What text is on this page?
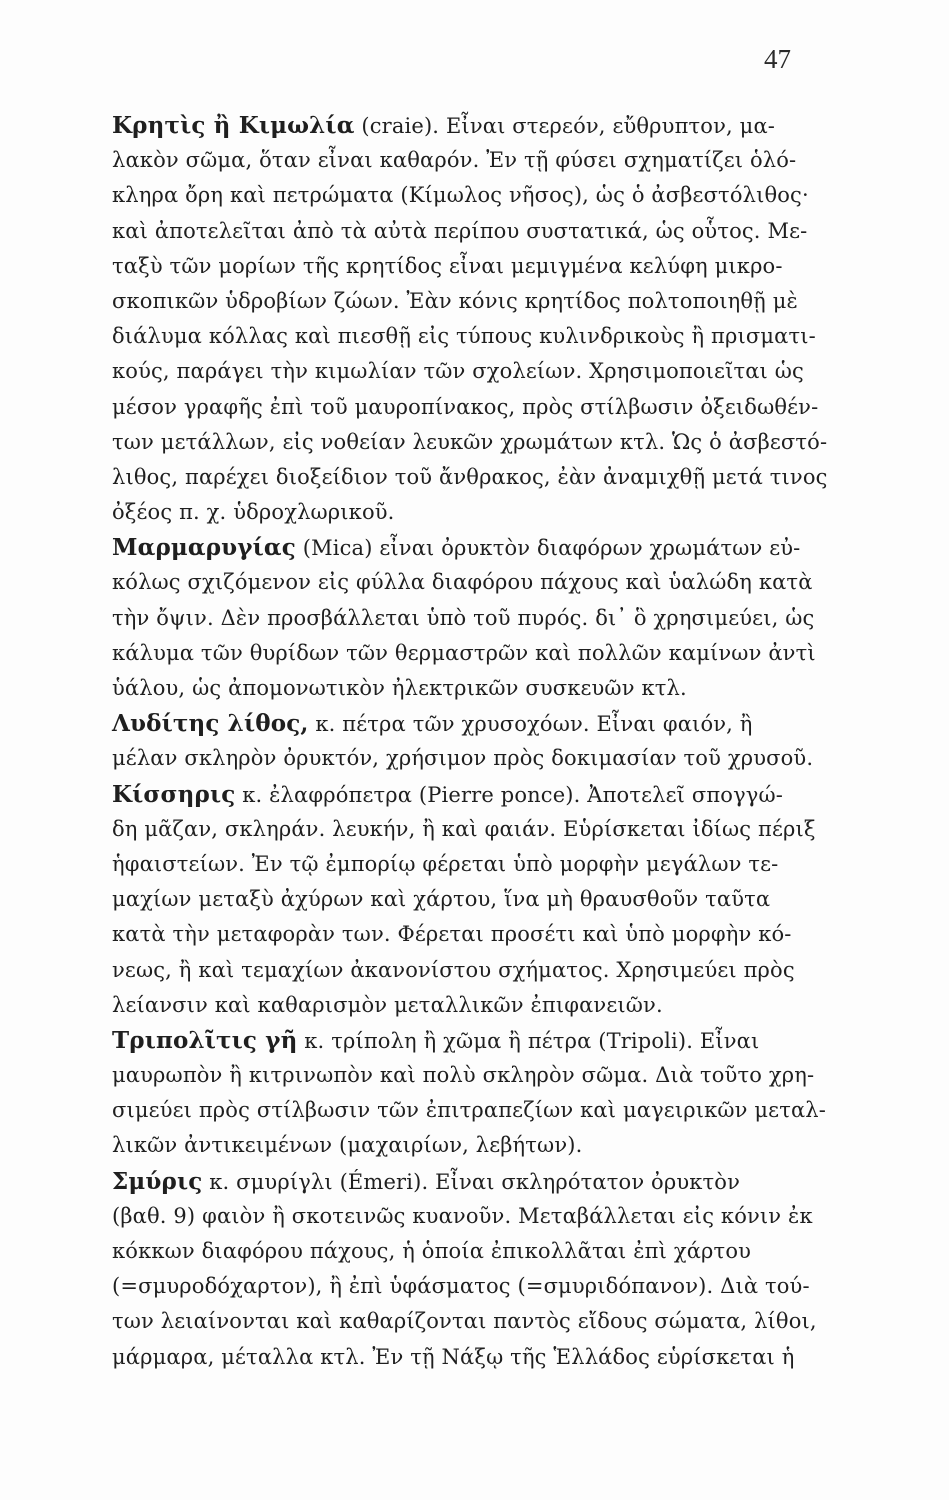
47
Κρητὶς ἢ Κιμωλία (craie). Εἶναι στερεόν, εὔθρυπτον, μα-
λακὸν σῶμα, ὅταν εἶναι καθαρόν. Ἐν τῇ φύσει σχηματίζει ὁλό-
κληρα ὄρη καὶ πετρώματα (Κίμωλος νῆσος), ὡς ὁ ἀσβεστόλιθος·
καὶ ἀποτελεῖται ἀπὸ τὰ αὐτὰ περίπου συστατικά, ὡς οὗτος. Με-
ταξὺ τῶν μορίων τῆς κρητίδος εἶναι μεμιγμένα κελύφη μικρο-
σκοπικῶν ὑδροβίων ζώων. Ἐὰν κόνις κρητίδος πολτοποιηθῇ μὲ
διάλυμα κόλλας καὶ πιεσθῇ εἰς τύπους κυλινδρικοὺς ἢ πρισματι-
κούς, παράγει τὴν κιμωλίαν τῶν σχολείων. Χρησιμοποιεῖται ὡς
μέσον γραφῆς ἐπὶ τοῦ μαυροπίνακος, πρὸς στίλβωσιν ὀξειδωθέν-
των μετάλλων, εἰς νοθείαν λευκῶν χρωμάτων κτλ. Ὡς ὁ ἀσβεστό-
λιθος, παρέχει διοξείδιον τοῦ ἄνθρακος, ἐὰν ἀναμιχθῇ μετά τινος
ὀξέος π. χ. ὑδροχλωρικοῦ.
Μαρμαρυγίας (Mica) εἶναι ὀρυκτὸν διαφόρων χρωμάτων εὐ-
κόλως σχιζόμενον εἰς φύλλα διαφόρου πάχους καὶ ὑαλώδη κατὰ
τὴν ὄψιν. Δὲν προσβάλλεται ὑπὸ τοῦ πυρός. δι᾽ ὃ χρησιμεύει, ὡς
κάλυμα τῶν θυρίδων τῶν θερμαστρῶν καὶ πολλῶν καμίνων ἀντὶ
ὑάλου, ὡς ἀπομονωτικὸν ἠλεκτρικῶν συσκευῶν κτλ.
Λυδίτης λίθος, κ. πέτρα τῶν χρυσοχόων. Εἶναι φαιόν, ἢ
μέλαν σκληρὸν ὀρυκτόν, χρήσιμον πρὸς δοκιμασίαν τοῦ χρυσοῦ.
Κίσσηρις κ. ἐλαφρόπετρα (Pierre ponce). Ἀποτελεῖ σπογγώ-
δη μᾶζαν, σκληράν. λευκήν, ἢ καὶ φαιάν. Εὑρίσκεται ἰδίως πέριξ
ἡφαιστείων. Ἐν τῷ ἐμπορίῳ φέρεται ὑπὸ μορφὴν μεγάλων τε-
μαχίων μεταξὺ ἀχύρων καὶ χάρτου, ἵνα μὴ θραυσθοῦν ταῦτα
κατὰ τὴν μεταφορὰν των. Φέρεται προσέτι καὶ ὑπὸ μορφὴν κό-
νεως, ἢ καὶ τεμαχίων ἀκανονίστου σχήματος. Χρησιμεύει πρὸς
λείανσιν καὶ καθαρισμὸν μεταλλικῶν ἐπιφανειῶν.
Τριπολῖτις γῆ κ. τρίπολη ἢ χῶμα ἢ πέτρα (Tripoli). Εἶναι
μαυρωπὸν ἢ κιτρινωπὸν καὶ πολὺ σκληρὸν σῶμα. Διὰ τοῦτο χρη-
σιμεύει πρὸς στίλβωσιν τῶν ἐπιτραπεζίων καὶ μαγειρικῶν μεταλ-
λικῶν ἀντικειμένων (μαχαιρίων, λεβήτων).
Σμύρις κ. σμυρίγλι (Émeri). Εἶναι σκληρότατον ὀρυκτὸν
(βαθ. 9) φαιὸν ἢ σκοτεινῶς κυανοῦν. Μεταβάλλεται εἰς κόνιν ἐκ
κόκκων διαφόρου πάχους, ἡ ὁποία ἐπικολλᾶται ἐπὶ χάρτου
(=σμυροδόχαρτον), ἢ ἐπὶ ὑφάσματος (=σμυριδόπανον). Διὰ τού-
των λειαίνονται καὶ καθαρίζονται παντὸς εἴδους σώματα, λίθοι,
μάρμαρα, μέταλλα κτλ. Ἐν τῇ Νάξῳ τῆς Ἑλλάδος εὑρίσκεται ἡ
